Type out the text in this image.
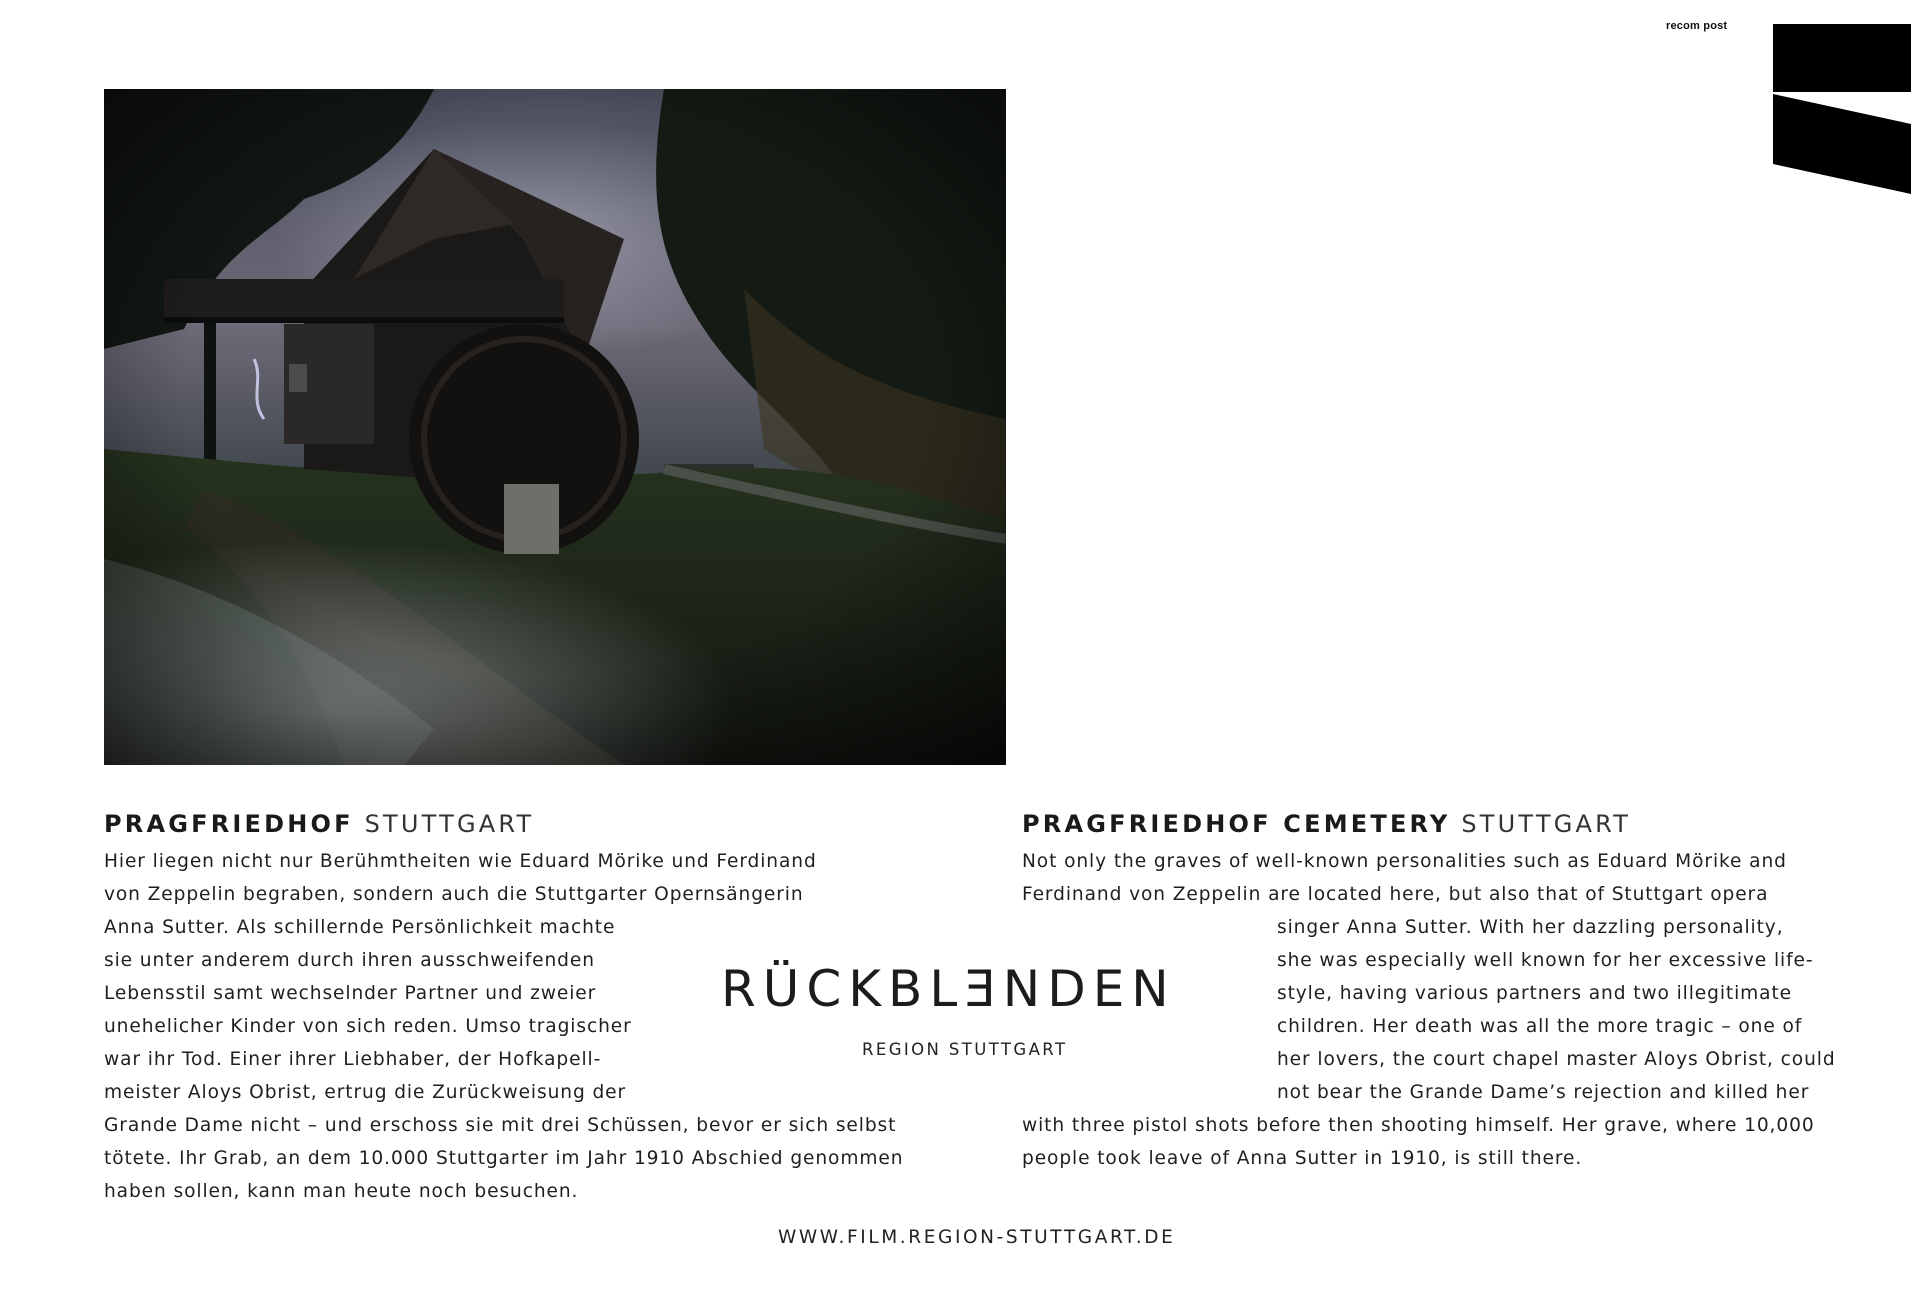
recom post
PRAGFRIEDHOF STUTTGART
Hier liegen nicht nur Berühmtheiten wie Eduard Mörike und Ferdinand
von Zeppelin begraben, sondern auch die Stuttgarter Opernsängerin
Anna Sutter. Als schillernde Persönlichkeit machte
sie unter anderem durch ihren ausschweifenden
Lebensstil samt wechselnder Partner und zweier
unehelicher Kinder von sich reden. Umso tragischer
war ihr Tod. Einer ihrer Liebhaber, der Hofkapell-
meister Aloys Obrist, ertrug die Zurückweisung der
Grande Dame nicht – und erschoss sie mit drei Schüssen, bevor er sich selbst
tötete. Ihr Grab, an dem 10.000 Stuttgarter im Jahr 1910 Abschied genommen
haben sollen, kann man heute noch besuchen.
PRAGFRIEDHOF CEMETERY STUTTGART
Not only the graves of well-known personalities such as Eduard Mörike and
Ferdinand von Zeppelin are located here, but also that of Stuttgart opera
singer Anna Sutter. With her dazzling personality,
she was especially well known for her excessive life-
style, having various partners and two illegitimate
children. Her death was all the more tragic – one of
her lovers, the court chapel master Aloys Obrist, could
not bear the Grande Dame’s rejection and killed her
with three pistol shots before then shooting himself. Her grave, where 10,000
people took leave of Anna Sutter in 1910, is still there.
RÜCKBLƎNDEN
REGION STUTTGART
WWW.FILM.REGION-STUTTGART.DE
